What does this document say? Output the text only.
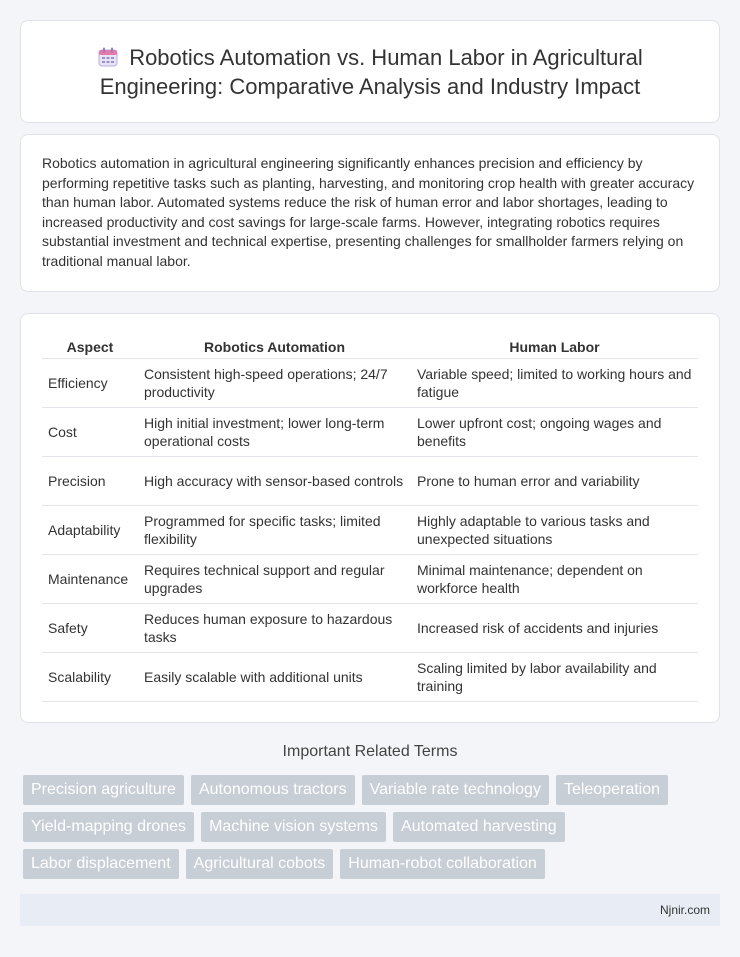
Robotics Automation vs. Human Labor in Agricultural Engineering: Comparative Analysis and Industry Impact

Robotics automation in agricultural engineering significantly enhances precision and efficiency by performing repetitive tasks such as planting, harvesting, and monitoring crop health with greater accuracy than human labor. Automated systems reduce the risk of human error and labor shortages, leading to increased productivity and cost savings for large-scale farms. However, integrating robotics requires substantial investment and technical expertise, presenting challenges for smallholder farmers relying on traditional manual labor.

Aspect	Robotics Automation	Human Labor
Efficiency	Consistent high-speed operations; 24/7 productivity	Variable speed; limited to working hours and fatigue
Cost	High initial investment; lower long-term operational costs	Lower upfront cost; ongoing wages and benefits
Precision	High accuracy with sensor-based controls	Prone to human error and variability
Adaptability	Programmed for specific tasks; limited flexibility	Highly adaptable to various tasks and unexpected situations
Maintenance	Requires technical support and regular upgrades	Minimal maintenance; dependent on workforce health
Safety	Reduces human exposure to hazardous tasks	Increased risk of accidents and injuries
Scalability	Easily scalable with additional units	Scaling limited by labor availability and training
Important Related Terms
Precision agriculture	Autonomous tractors	Variable rate technology	Teleoperation
Yield-mapping drones	Machine vision systems	Automated harvesting
Labor displacement	Agricultural cobots	Human-robot collaboration
Njnir.com
